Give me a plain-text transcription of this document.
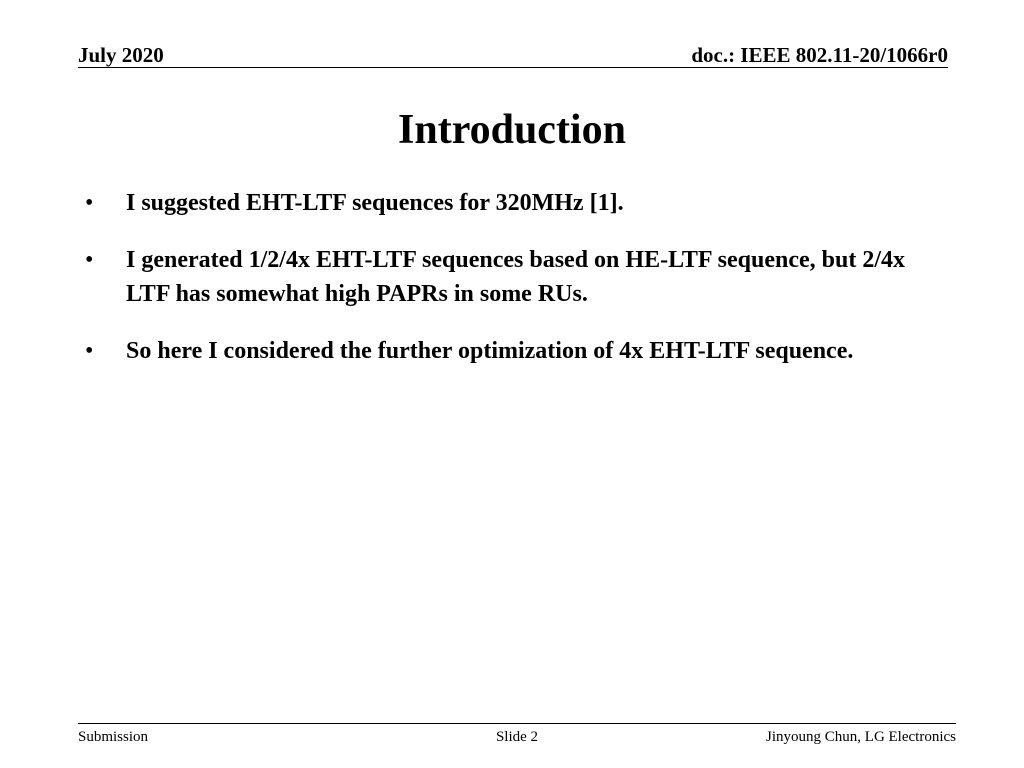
July 2020	doc.: IEEE 802.11-20/1066r0
Introduction
• I suggested EHT-LTF sequences for 320MHz [1].
• I generated 1/2/4x EHT-LTF sequences based on HE-LTF sequence, but 2/4x LTF has somewhat high PAPRs in some RUs.
• So here I considered the further optimization of 4x EHT-LTF sequence.
Submission	Slide 2	Jinyoung Chun, LG Electronics
